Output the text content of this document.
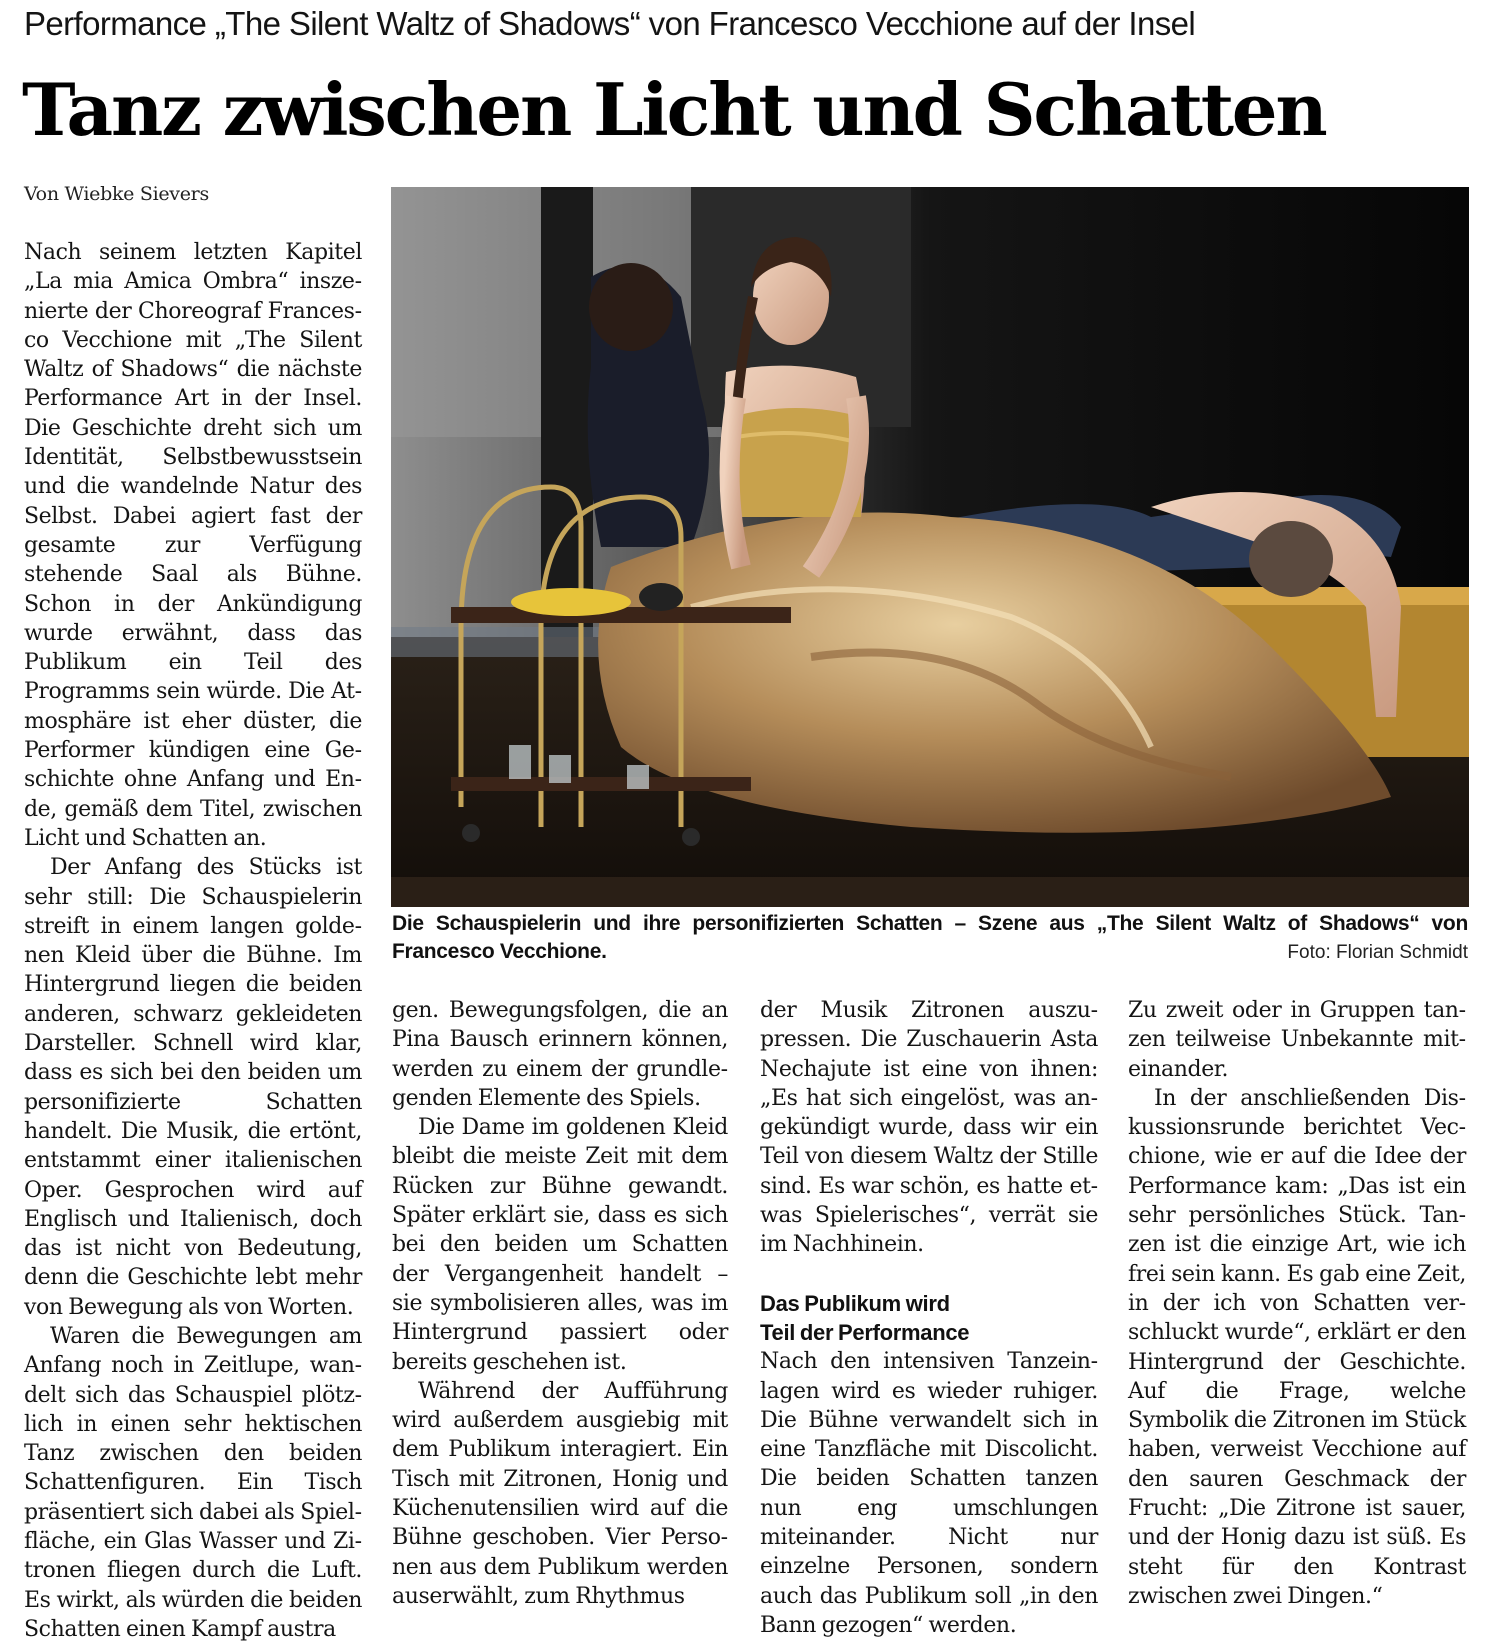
Performance „The Silent Waltz of Shadows“ von Francesco Vecchione auf der Insel
Tanz zwischen Licht und Schatten
Von Wiebke Sievers

Nach seinem letzten Kapitel „La mia Amica Ombra“ inszenierte der Choreograf Francesco Vecchione mit „The Silent Waltz of Shadows“ die nächste Performance Art in der Insel. Die Geschichte dreht sich um Identität, Selbstbewusstsein und die wandelnde Natur des Selbst. Dabei agiert fast der gesamte zur Verfügung stehende Saal als Bühne. Schon in der Ankündigung wurde erwähnt, dass das Publikum ein Teil des Programms sein würde. Die Atmosphäre ist eher düster, die Performer kündigen eine Geschichte ohne Anfang und Ende, gemäß dem Titel, zwischen Licht und Schatten an.

Der Anfang des Stücks ist sehr still: Die Schauspielerin streift in einem langen goldenen Kleid über die Bühne. Im Hintergrund liegen die beiden anderen, schwarz gekleideten Darsteller. Schnell wird klar, dass es sich bei den beiden um personifizierte Schatten handelt. Die Musik, die ertönt, entstammt einer italienischen Oper. Gesprochen wird auf Englisch und Italienisch, doch das ist nicht von Bedeutung, denn die Geschichte lebt mehr von Bewegung als von Worten.

Waren die Bewegungen am Anfang noch in Zeitlupe, wandelt sich das Schauspiel plötzlich in einen sehr hektischen Tanz zwischen den beiden Schattenfiguren. Ein Tisch präsentiert sich dabei als Spielfläche, ein Glas Wasser und Zitronen fliegen durch die Luft. Es wirkt, als würden die beiden Schatten einen Kampf austra

Die Schauspielerin und ihre personifizierten Schatten – Szene aus „The Silent Waltz of Shadows“ von Francesco Vecchione.	Foto: Florian Schmidt

gen. Bewegungsfolgen, die an Pina Bausch erinnern können, werden zu einem der grundlegenden Elemente des Spiels.

Die Dame im goldenen Kleid bleibt die meiste Zeit mit dem Rücken zur Bühne gewandt. Später erklärt sie, dass es sich bei den beiden um Schatten der Vergangenheit handelt – sie symbolisieren alles, was im Hintergrund passiert oder bereits geschehen ist.

Während der Aufführung wird außerdem ausgiebig mit dem Publikum interagiert. Ein Tisch mit Zitronen, Honig und Küchenutensilien wird auf die Bühne geschoben. Vier Personen aus dem Publikum werden auserwählt, zum Rhythmus

der Musik Zitronen auszupressen. Die Zuschauerin Asta Nechajute ist eine von ihnen: „Es hat sich eingelöst, was angekündigt wurde, dass wir ein Teil von diesem Waltz der Stille sind. Es war schön, es hatte etwas Spielerisches“, verrät sie im Nachhinein.

Das Publikum wird
Teil der Performance

Nach den intensiven Tanzeinlagen wird es wieder ruhiger. Die Bühne verwandelt sich in eine Tanzfläche mit Discolicht. Die beiden Schatten tanzen nun eng umschlungen miteinander. Nicht nur einzelne Personen, sondern auch das Publikum soll „in den Bann gezogen“ werden.

Zu zweit oder in Gruppen tanzen teilweise Unbekannte miteinander.

In der anschließenden Diskussionsrunde berichtet Vecchione, wie er auf die Idee der Performance kam: „Das ist ein sehr persönliches Stück. Tanzen ist die einzige Art, wie ich frei sein kann. Es gab eine Zeit, in der ich von Schatten verschluckt wurde“, erklärt er den Hintergrund der Geschichte. Auf die Frage, welche Symbolik die Zitronen im Stück haben, verweist Vecchione auf den sauren Geschmack der Frucht: „Die Zitrone ist sauer, und der Honig dazu ist süß. Es steht für den Kontrast zwischen zwei Dingen.“
